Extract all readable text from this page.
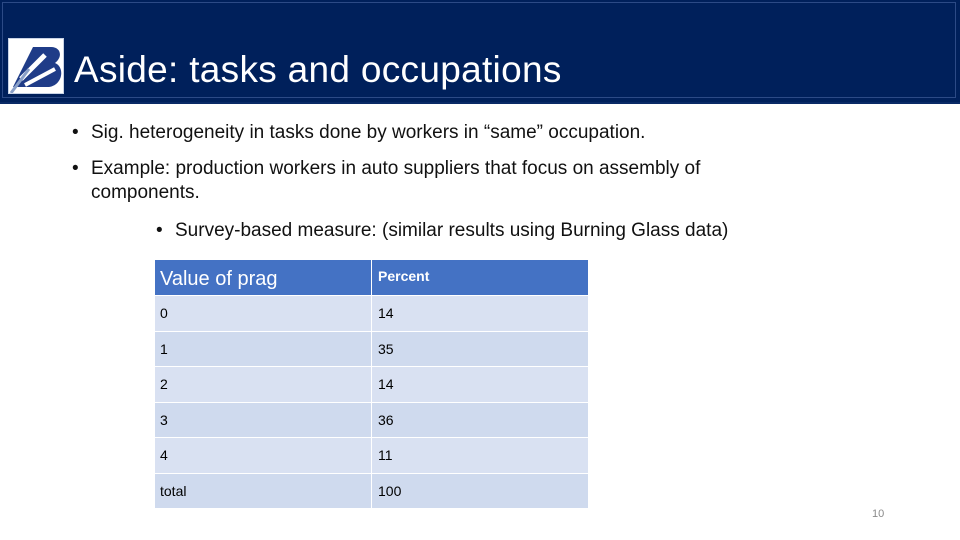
Aside: tasks and occupations
• Sig. heterogeneity in tasks done by workers in “same” occupation.
• Example: production workers in auto suppliers that focus on assembly of
components.
• Survey-based measure: (similar results using Burning Glass data)
Value of prag	Percent
0	14
1	35
2	14
3	36
4	11
total	100
10
